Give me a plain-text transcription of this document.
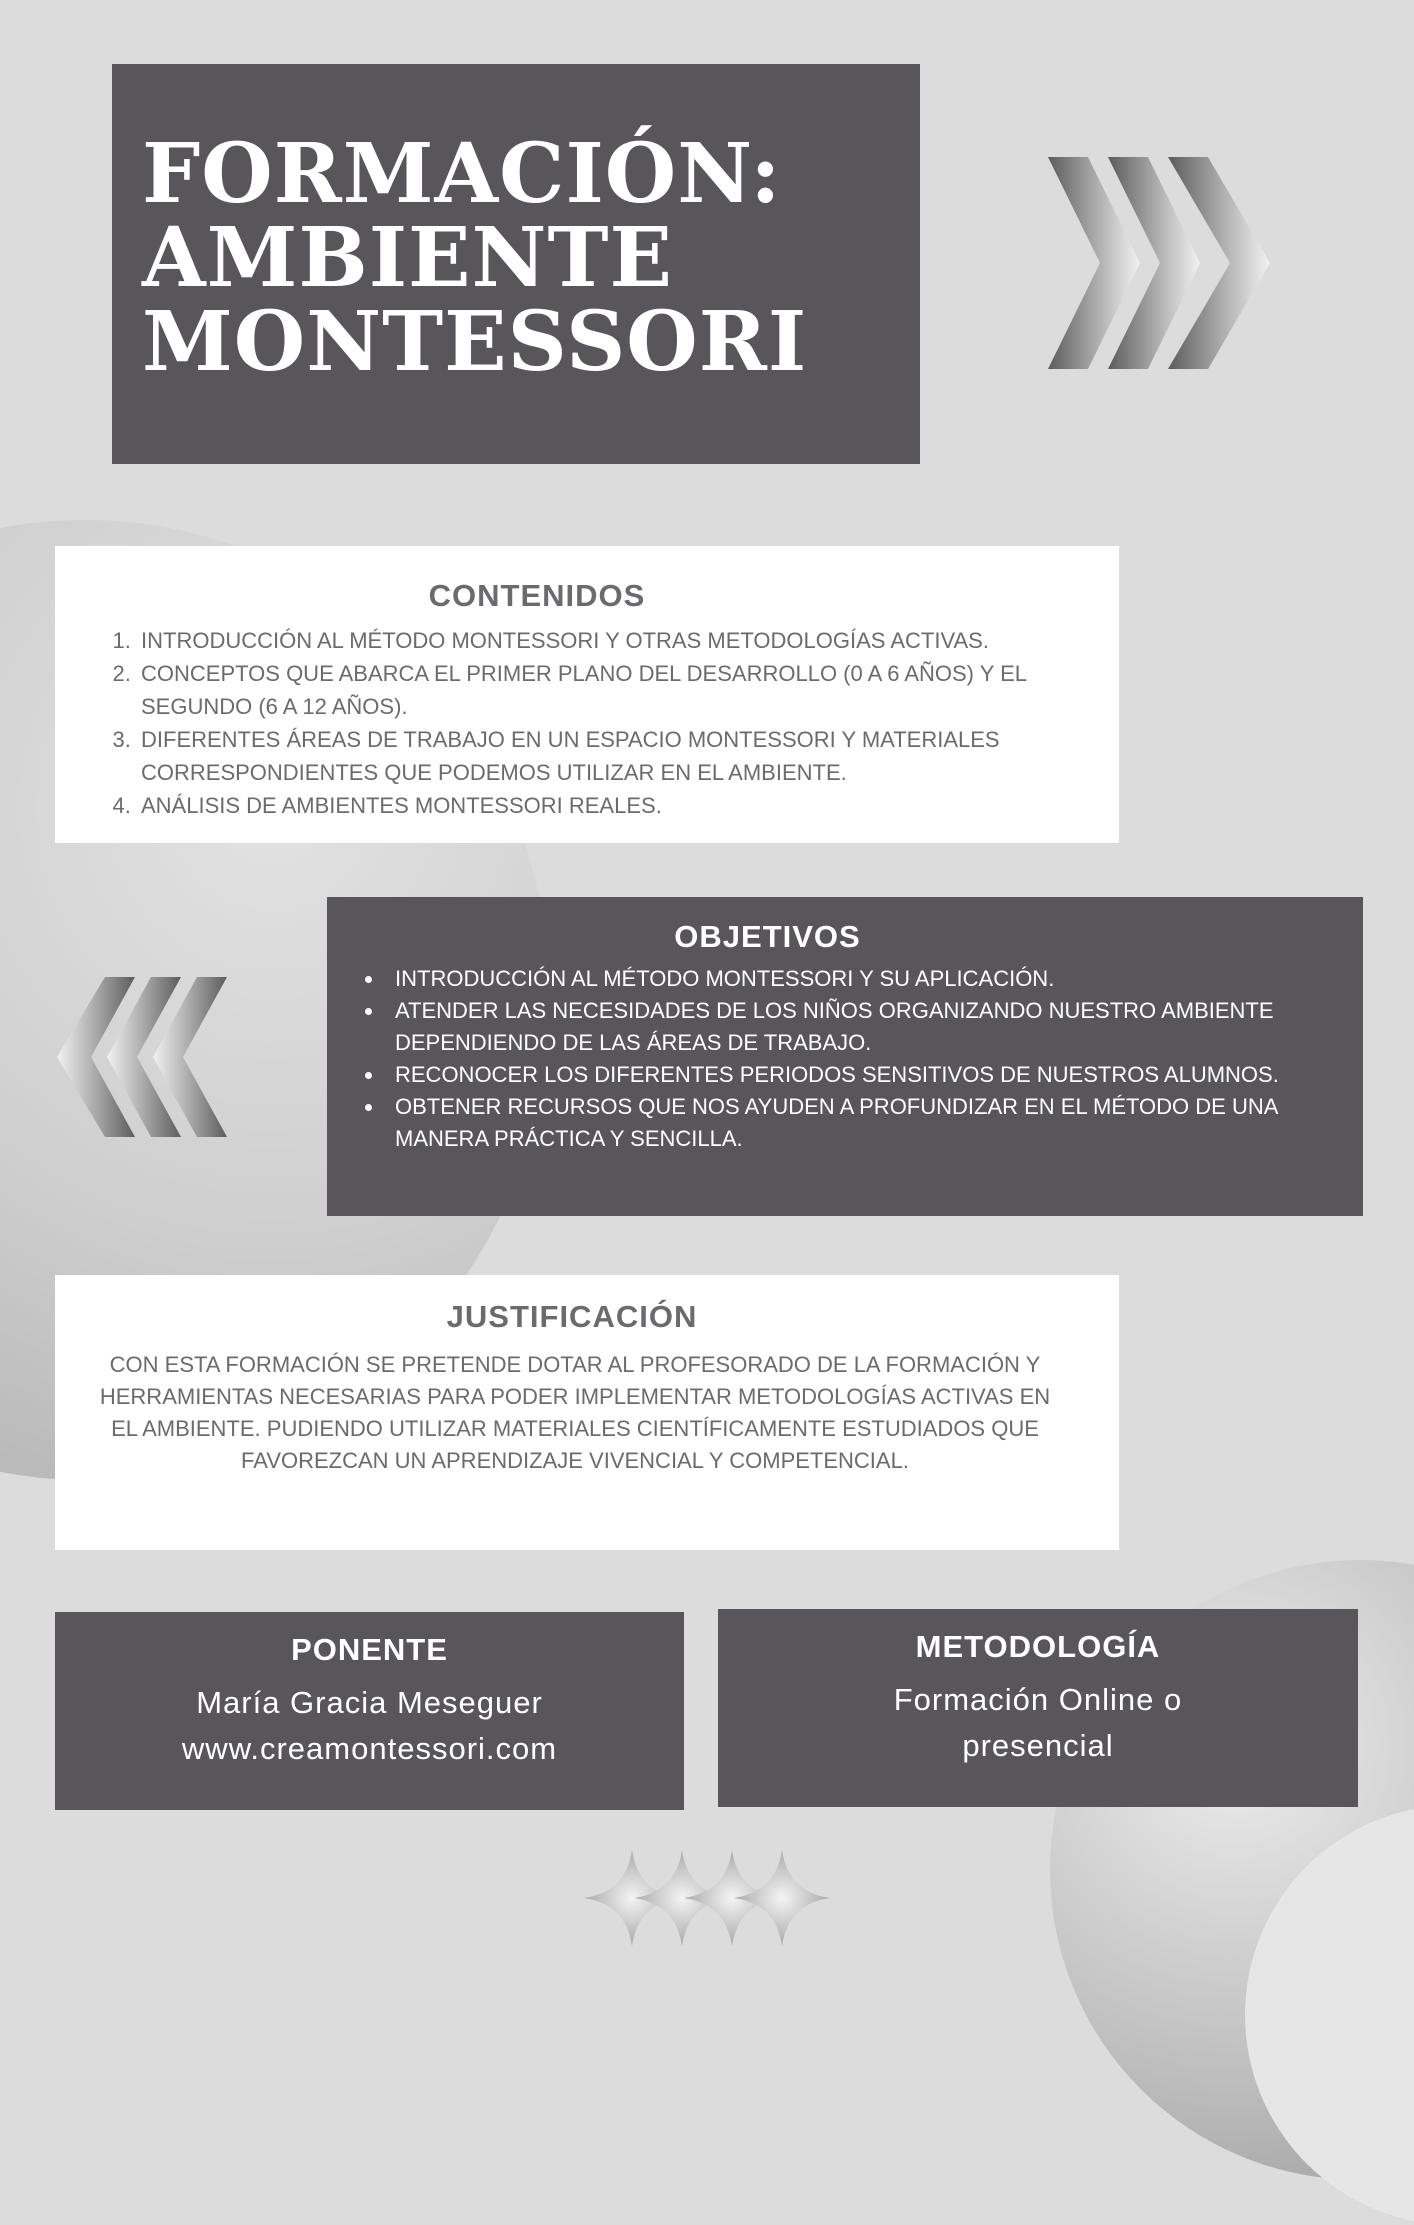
FORMACIÓN:
AMBIENTE
MONTESSORI
CONTENIDOS
1. INTRODUCCIÓN AL MÉTODO MONTESSORI Y OTRAS METODOLOGÍAS ACTIVAS.
2. CONCEPTOS QUE ABARCA EL PRIMER PLANO DEL DESARROLLO (0 A 6 AÑOS) Y EL SEGUNDO (6 A 12 AÑOS).
3. DIFERENTES ÁREAS DE TRABAJO EN UN ESPACIO MONTESSORI Y MATERIALES CORRESPONDIENTES QUE PODEMOS UTILIZAR EN EL AMBIENTE.
4. ANÁLISIS DE AMBIENTES MONTESSORI REALES.
OBJETIVOS
• INTRODUCCIÓN AL MÉTODO MONTESSORI Y SU APLICACIÓN.
• ATENDER LAS NECESIDADES DE LOS NIÑOS ORGANIZANDO NUESTRO AMBIENTE DEPENDIENDO DE LAS ÁREAS DE TRABAJO.
• RECONOCER LOS DIFERENTES PERIODOS SENSITIVOS DE NUESTROS ALUMNOS.
• OBTENER RECURSOS QUE NOS AYUDEN A PROFUNDIZAR EN EL MÉTODO DE UNA MANERA PRÁCTICA Y SENCILLA.
JUSTIFICACIÓN

CON ESTA FORMACIÓN SE PRETENDE DOTAR AL PROFESORADO DE LA FORMACIÓN Y HERRAMIENTAS NECESARIAS PARA PODER IMPLEMENTAR METODOLOGÍAS ACTIVAS EN EL AMBIENTE. PUDIENDO UTILIZAR MATERIALES CIENTÍFICAMENTE ESTUDIADOS QUE FAVOREZCAN UN APRENDIZAJE VIVENCIAL Y COMPETENCIAL.

PONENTE
María Gracia Meseguer
www.creamontessori.com
METODOLOGÍA
Formación Online o
presencial
